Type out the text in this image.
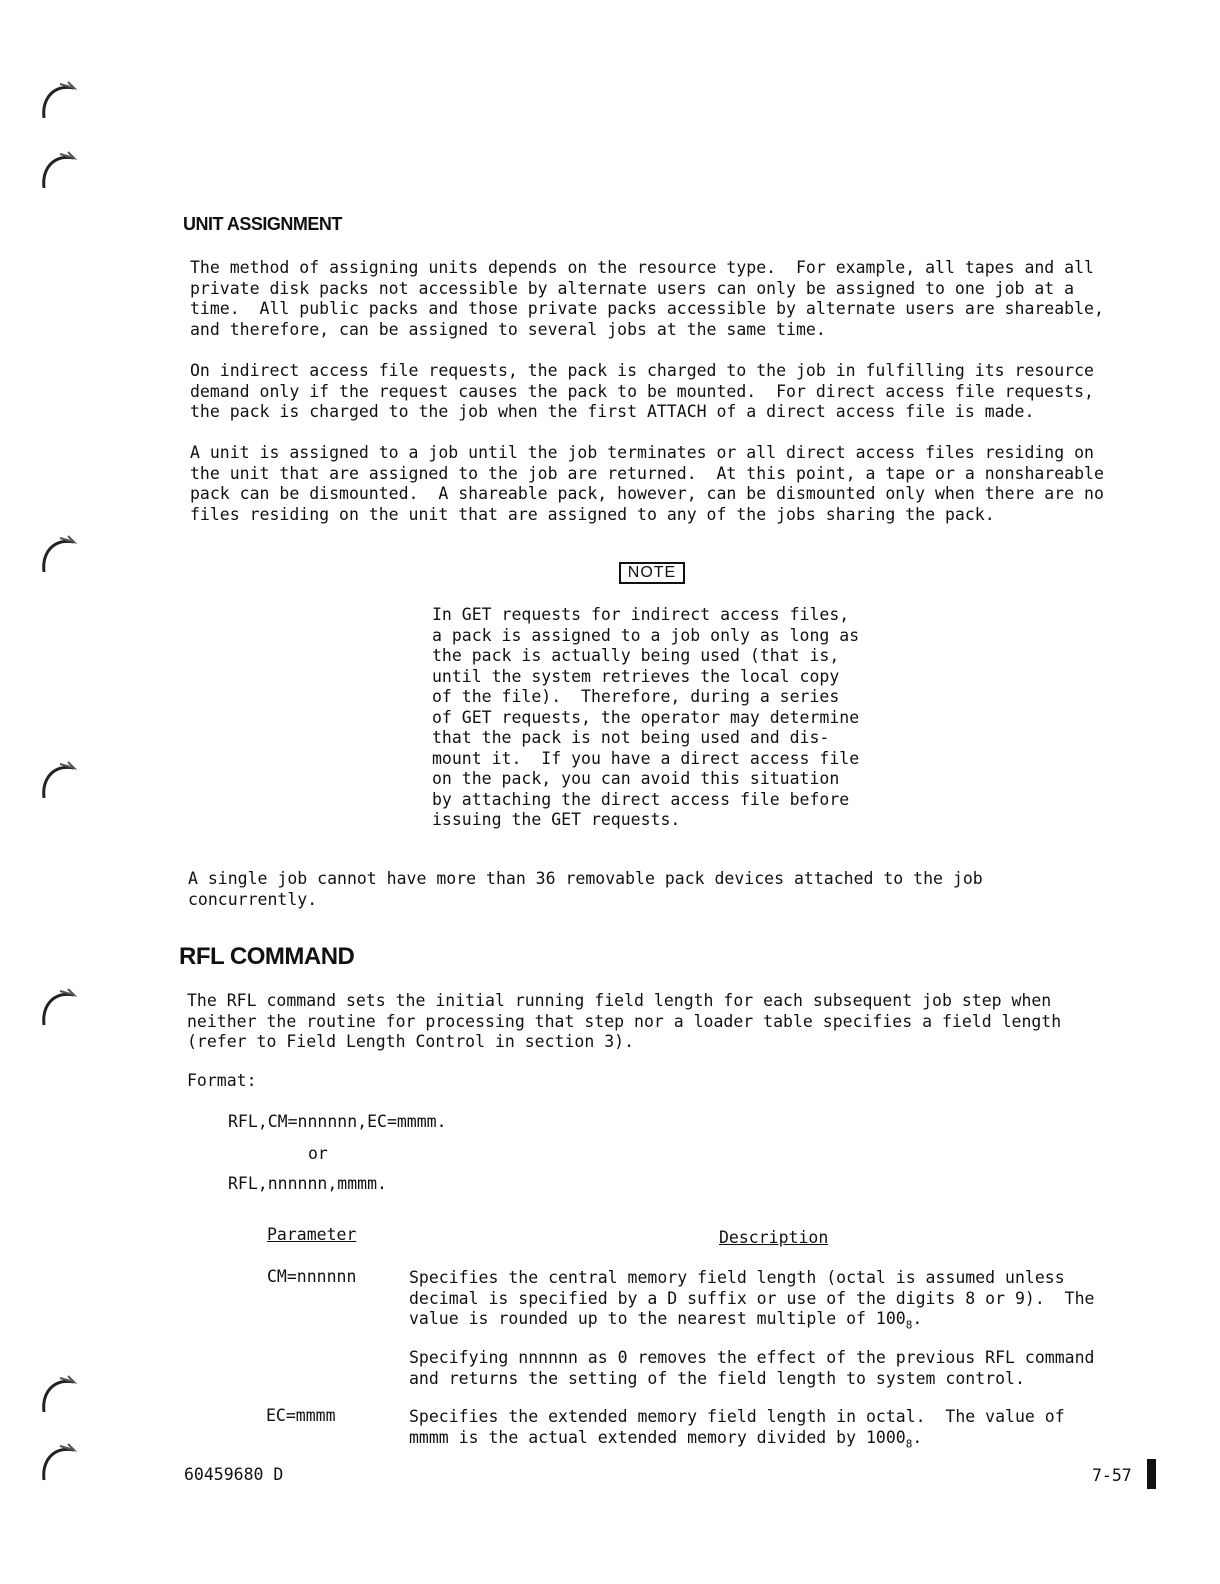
UNIT ASSIGNMENT
The method of assigning units depends on the resource type.  For example, all tapes and all
private disk packs not accessible by alternate users can only be assigned to one job at a
time.  All public packs and those private packs accessible by alternate users are shareable,
and therefore, can be assigned to several jobs at the same time.
On indirect access file requests, the pack is charged to the job in fulfilling its resource
demand only if the request causes the pack to be mounted.  For direct access file requests,
the pack is charged to the job when the first ATTACH of a direct access file is made.
A unit is assigned to a job until the job terminates or all direct access files residing on
the unit that are assigned to the job are returned.  At this point, a tape or a nonshareable
pack can be dismounted.  A shareable pack, however, can be dismounted only when there are no
files residing on the unit that are assigned to any of the jobs sharing the pack.
NOTE
In GET requests for indirect access files,
a pack is assigned to a job only as long as
the pack is actually being used (that is,
until the system retrieves the local copy
of the file).  Therefore, during a series
of GET requests, the operator may determine
that the pack is not being used and dis-
mount it.  If you have a direct access file
on the pack, you can avoid this situation
by attaching the direct access file before
issuing the GET requests.
A single job cannot have more than 36 removable pack devices attached to the job
concurrently.
RFL COMMAND
The RFL command sets the initial running field length for each subsequent job step when
neither the routine for processing that step nor a loader table specifies a field length
(refer to Field Length Control in section 3).
Format:
RFL,CM=nnnnnn,EC=mmmm.
or
RFL,nnnnnn,mmmm.
Parameter	Description
CM=nnnnnn	Specifies the central memory field length (octal is assumed unless
decimal is specified by a D suffix or use of the digits 8 or 9).  The
value is rounded up to the nearest multiple of $100_8$.
Specifying nnnnnn as 0 removes the effect of the previous RFL command
and returns the setting of the field length to system control.
EC=mmmm	Specifies the extended memory field length in octal.  The value of
mmmm is the actual extended memory divided by $1000_8$.
60459680 D	7-57
